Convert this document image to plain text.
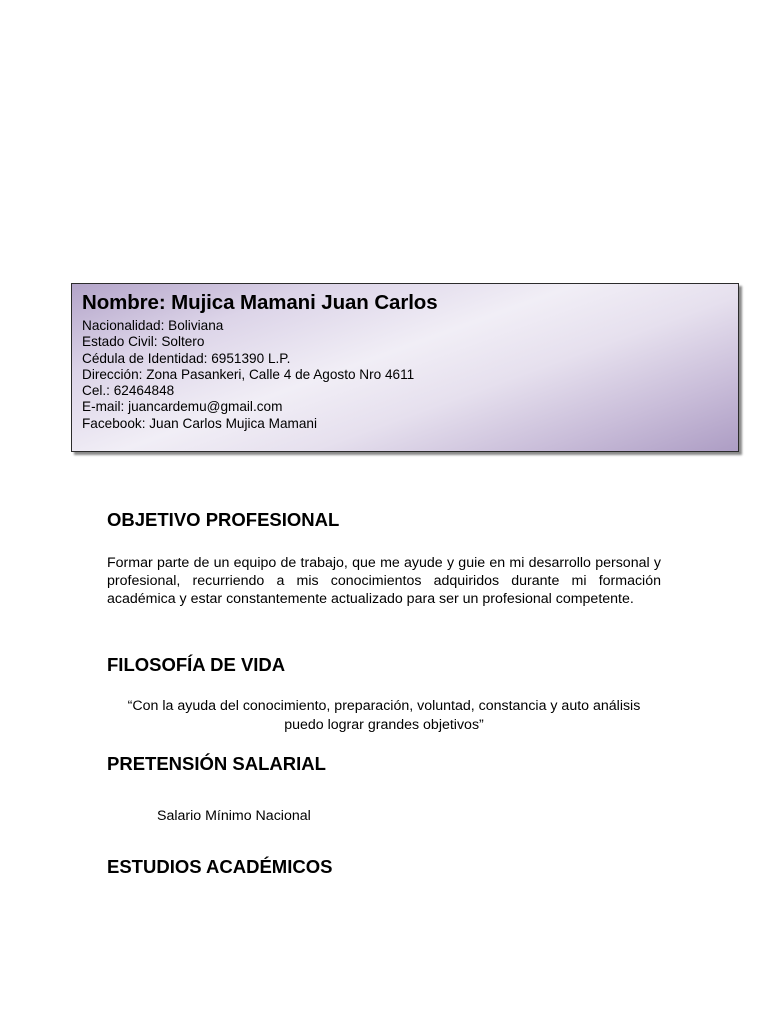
Nombre: Mujica Mamani Juan Carlos
Nacionalidad: Boliviana
Estado Civil: Soltero
Cédula de Identidad: 6951390 L.P.
Dirección: Zona Pasankeri, Calle 4 de Agosto Nro 4611
Cel.: 62464848
E-mail: juancardemu@gmail.com
Facebook: Juan Carlos Mujica Mamani
OBJETIVO PROFESIONAL
Formar parte de un equipo de trabajo, que me ayude y guie en mi desarrollo personal y profesional, recurriendo a mis conocimientos adquiridos durante mi formación académica y estar constantemente actualizado para ser un profesional competente.
FILOSOFÍA DE VIDA
“Con la ayuda del conocimiento, preparación, voluntad, constancia y auto análisis puedo lograr grandes objetivos”
PRETENSIÓN SALARIAL
Salario Mínimo Nacional
ESTUDIOS ACADÉMICOS
